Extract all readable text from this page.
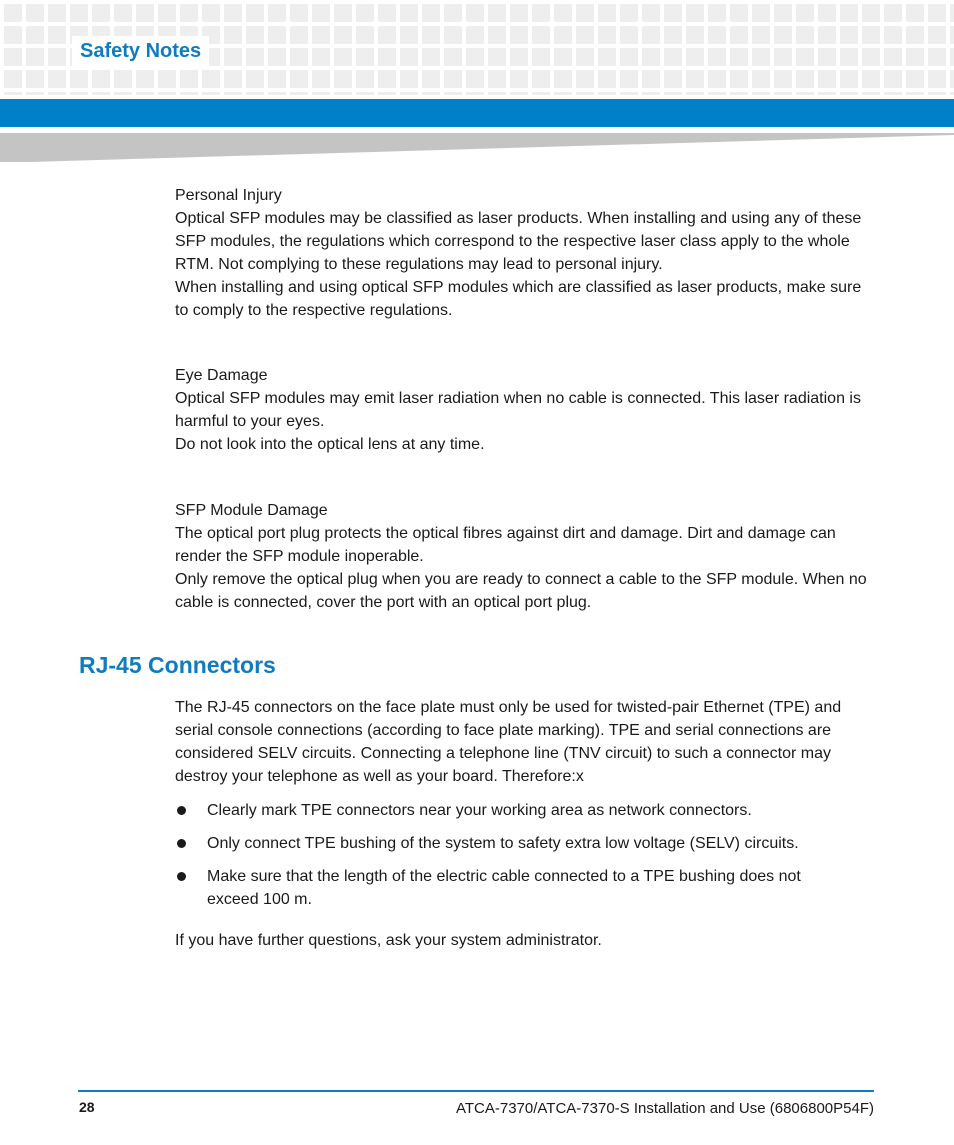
Safety Notes

Personal Injury

Optical SFP modules may be classified as laser products. When installing and using any of these SFP modules, the regulations which correspond to the respective laser class apply to the whole RTM. Not complying to these regulations may lead to personal injury.

When installing and using optical SFP modules which are classified as laser products, make sure to comply to the respective regulations.

Eye Damage

Optical SFP modules may emit laser radiation when no cable is connected. This laser radiation is harmful to your eyes.

Do not look into the optical lens at any time.

SFP Module Damage

The optical port plug protects the optical fibres against dirt and damage. Dirt and damage can render the SFP module inoperable.

Only remove the optical plug when you are ready to connect a cable to the SFP module. When no cable is connected, cover the port with an optical port plug.

RJ-45 Connectors

The RJ-45 connectors on the face plate must only be used for twisted-pair Ethernet (TPE) and serial console connections (according to face plate marking). TPE and serial connections are considered SELV circuits. Connecting a telephone line (TNV circuit) to such a connector may destroy your telephone as well as your board. Therefore:x

Clearly mark TPE connectors near your working area as network connectors.
Only connect TPE bushing of the system to safety extra low voltage (SELV) circuits.
Make sure that the length of the electric cable connected to a TPE bushing does not exceed 100 m.

If you have further questions, ask your system administrator.

28	ATCA-7370/ATCA-7370-S Installation and Use (6806800P54F)
